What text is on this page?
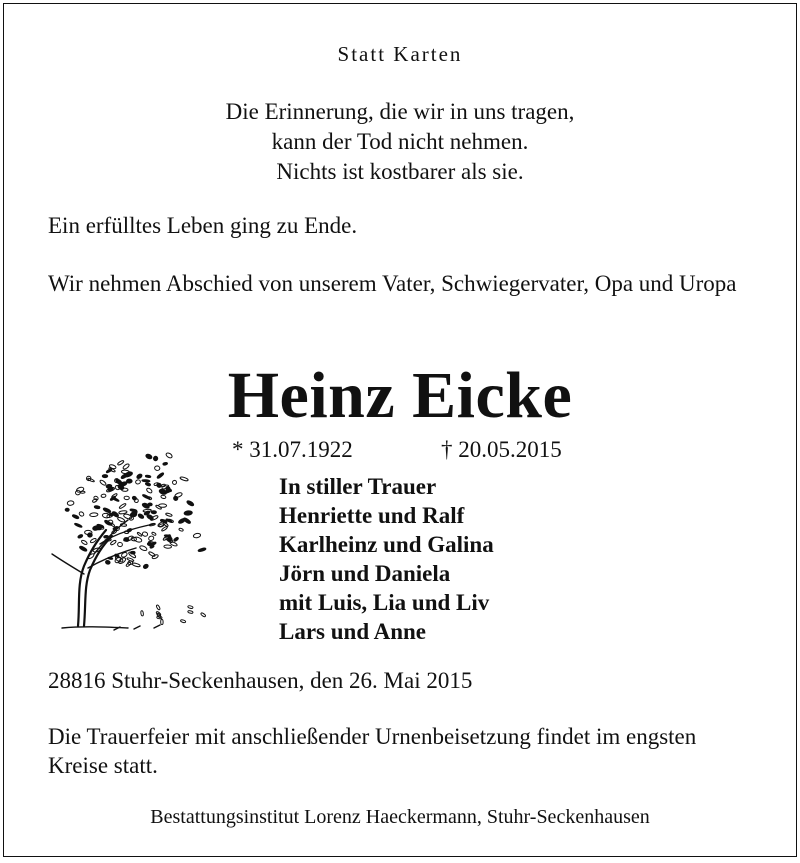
Statt Karten
Die Erinnerung, die wir in uns tragen,
kann der Tod nicht nehmen.
Nichts ist kostbarer als sie.
Ein erfülltes Leben ging zu Ende.
Wir nehmen Abschied von unserem Vater, Schwiegervater, Opa und Uropa
Heinz Eicke
* 31.07.1922	† 20.05.2015
In stiller Trauer
Henriette und Ralf
Karlheinz und Galina
Jörn und Daniela
mit Luis, Lia und Liv
Lars und Anne
28816 Stuhr-Seckenhausen, den 26. Mai 2015
Die Trauerfeier mit anschließender Urnenbeisetzung findet im engsten Kreise statt.
Bestattungsinstitut Lorenz Haeckermann, Stuhr-Seckenhausen
